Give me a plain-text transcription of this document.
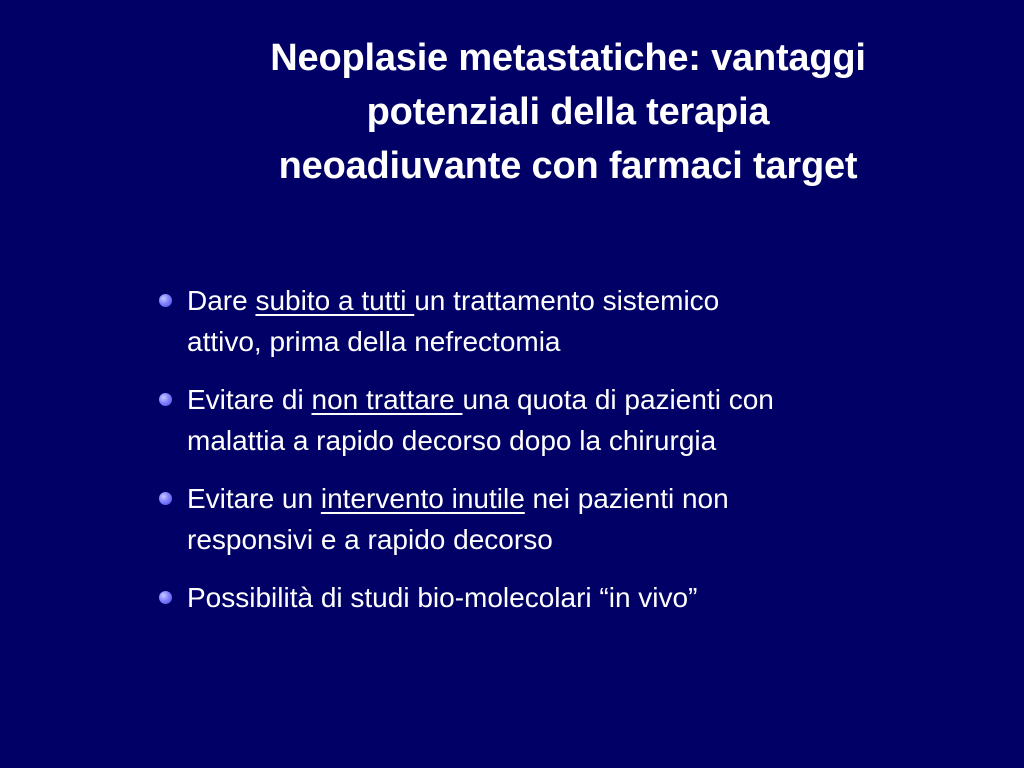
Neoplasie metastatiche: vantaggi
potenziali della terapia
neoadiuvante con farmaci target
Dare subito a tutti un trattamento sistemico
attivo, prima della nefrectomia
Evitare di non trattare una quota di pazienti con
malattia a rapido decorso dopo la chirurgia
Evitare un intervento inutile nei pazienti non
responsivi e a rapido decorso
Possibilità di studi bio-molecolari “in vivo”
